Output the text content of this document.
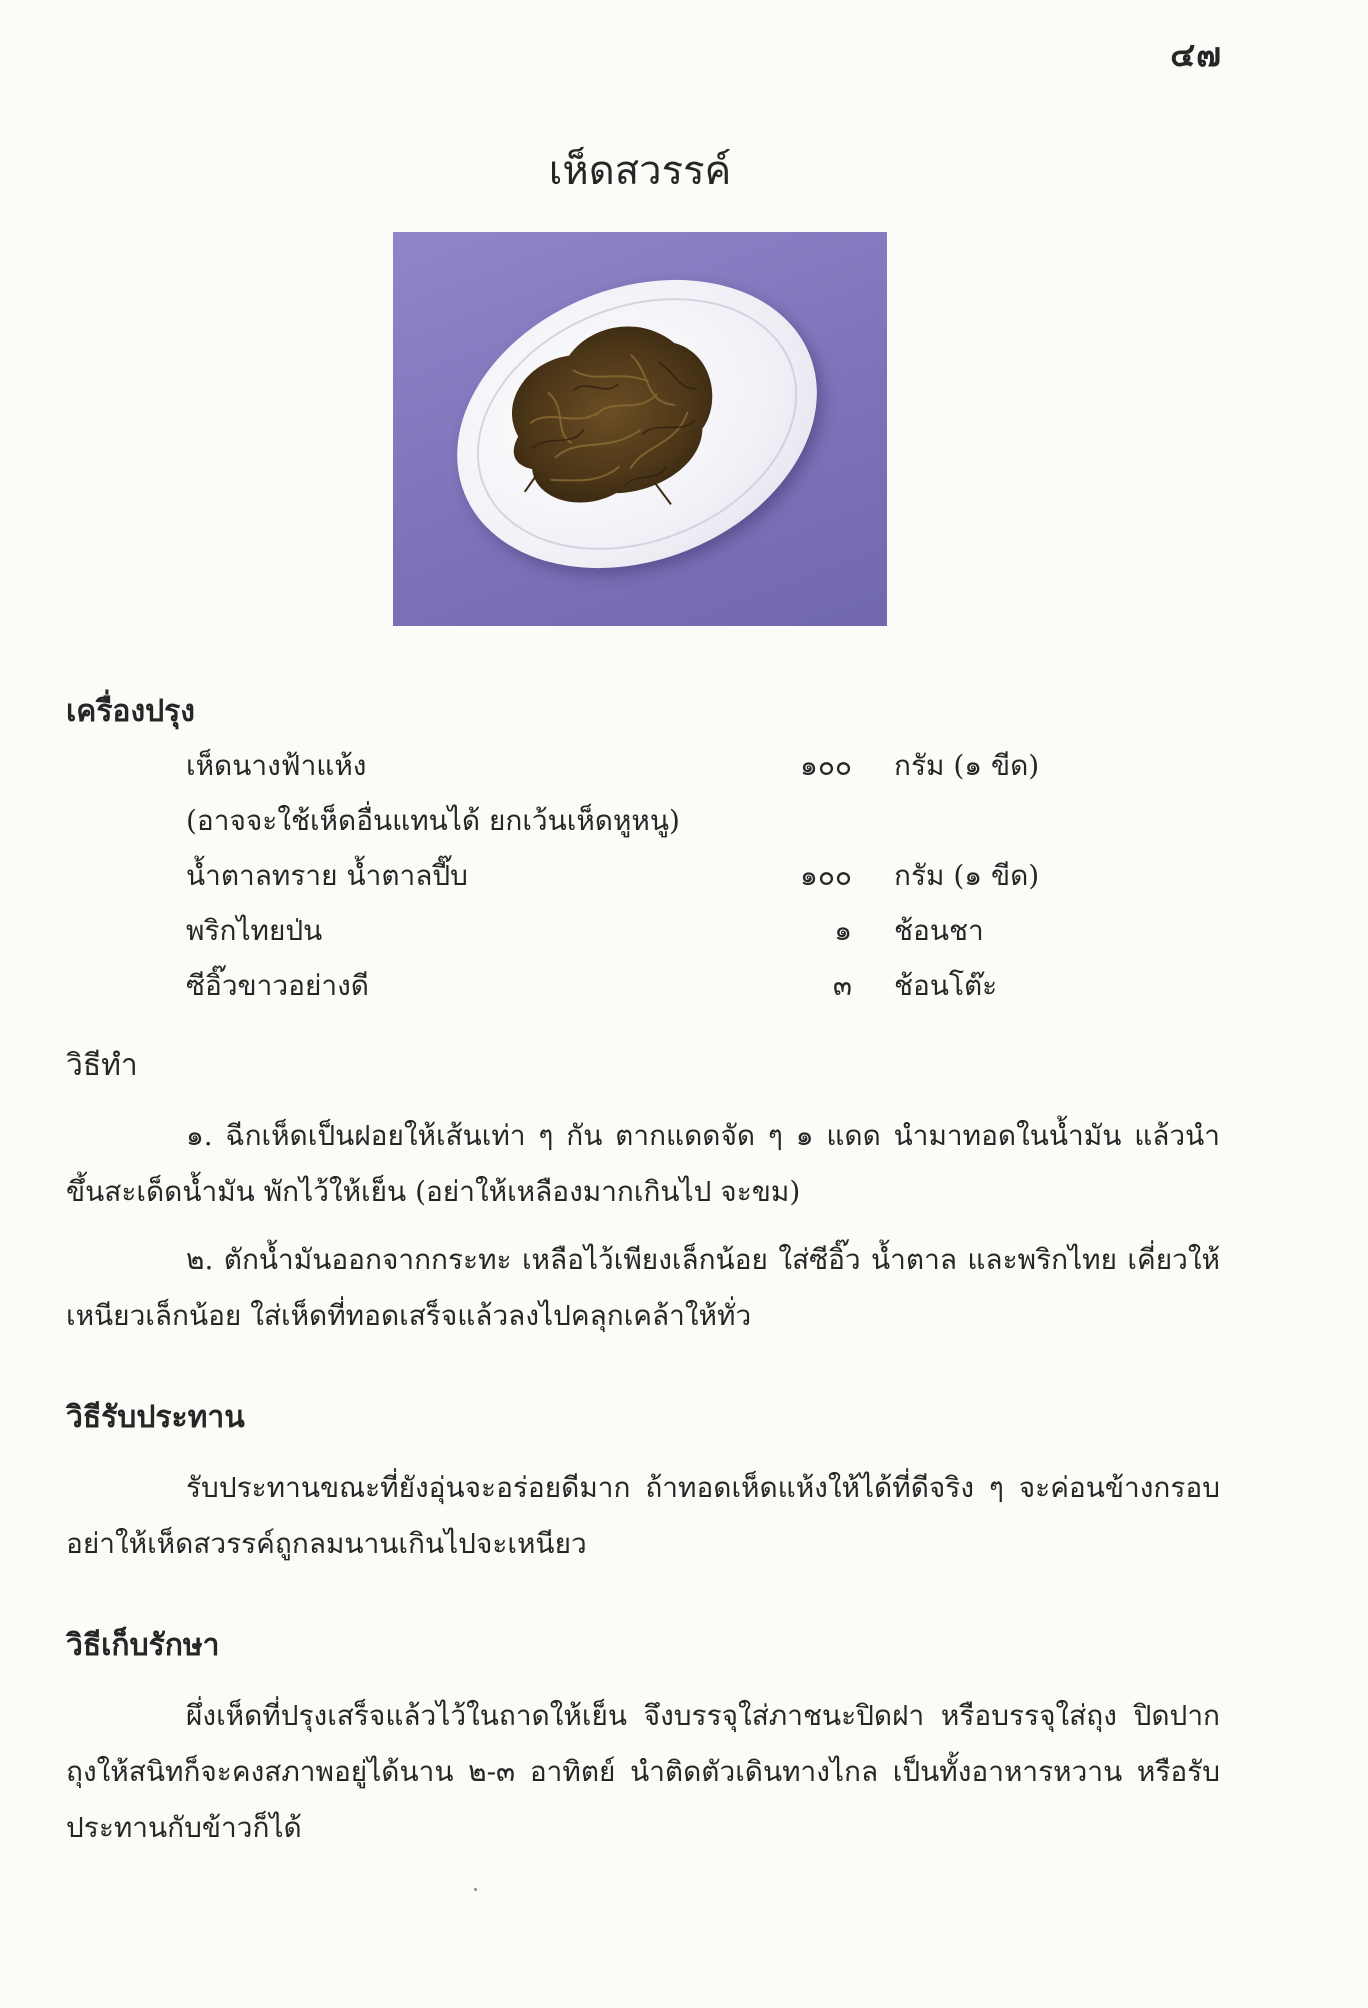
๔๗
เห็ดสวรรค์
เครื่องปรุง
เห็ดนางฟ้าแห้ง	๑๐๐ กรัม (๑ ขีด)
(อาจจะใช้เห็ดอื่นแทนได้ ยกเว้นเห็ดหูหนู)
น้ำตาลทราย น้ำตาลปี๊บ	๑๐๐ กรัม (๑ ขีด)
พริกไทยป่น	๑ ช้อนชา
ซีอิ๊วขาวอย่างดี	๓ ช้อนโต๊ะ
วิธีทำ
๑. ฉีกเห็ดเป็นฝอยให้เส้นเท่า ๆ กัน ตากแดดจัด ๆ ๑ แดด นำมาทอดในน้ำมัน แล้วนำขึ้นสะเด็ดน้ำมัน พักไว้ให้เย็น (อย่าให้เหลืองมากเกินไป จะขม)
๒. ตักน้ำมันออกจากกระทะ เหลือไว้เพียงเล็กน้อย ใส่ซีอิ๊ว น้ำตาล และพริกไทย เคี่ยวให้เหนียวเล็กน้อย ใส่เห็ดที่ทอดเสร็จแล้วลงไปคลุกเคล้าให้ทั่ว
วิธีรับประทาน
รับประทานขณะที่ยังอุ่นจะอร่อยดีมาก ถ้าทอดเห็ดแห้งให้ได้ที่ดีจริง ๆ จะค่อนข้างกรอบ อย่าให้เห็ดสวรรค์ถูกลมนานเกินไปจะเหนียว
วิธีเก็บรักษา
ผึ่งเห็ดที่ปรุงเสร็จแล้วไว้ในถาดให้เย็น จึงบรรจุใส่ภาชนะปิดฝา หรือบรรจุใส่ถุง ปิดปากถุงให้สนิทก็จะคงสภาพอยู่ได้นาน ๒-๓ อาทิตย์ นำติดตัวเดินทางไกล เป็นทั้งอาหารหวาน หรือรับประทานกับข้าวก็ได้
